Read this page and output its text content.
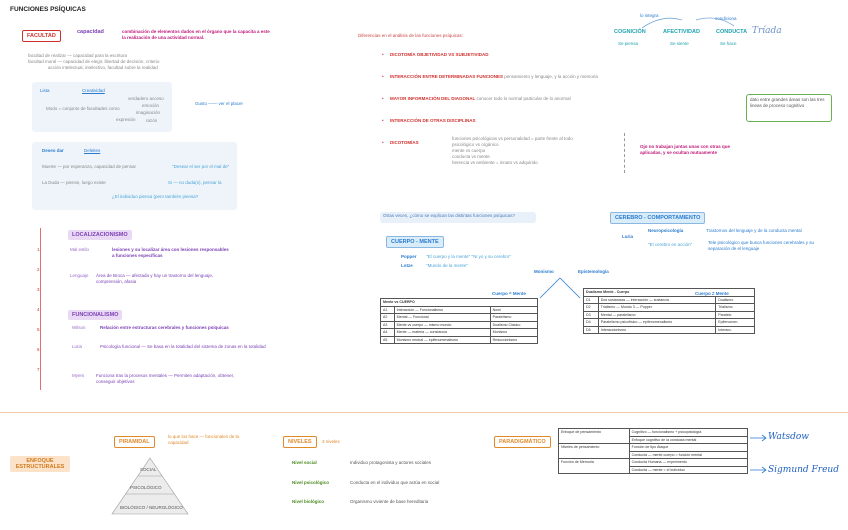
FUNCIONES PSÍQUICAS
FACULTAD
capacidad	combinación de elementos dados en el órgano que la capacita a este la realización de una actividad normal.
facultad de realizar — capacidad para la escritura
facultad moral — capacidad de elegir, libertad de decisión, criterio
acción intelectual, intelectivo, facultad sobre la realidad
Lista	Creatividad
Modo = conjunto de facultades como
verdadero acceso
emoción
imaginación
expresión razón
Gusto —— ver el placer
Deseo dar	Deleites
Muerte — por esperanza, capacidad de pensar	"Desear el ser por el mal de"
La Duda — piense, luego existe	Si — no duda(s), pensar la
¿El individuo piensa (pero también piensa?
Diferencias en el análisis de las funciones psíquicas:
DICOTOMÍA OBJETIVIDAD VS SUBJETIVIDAD
INTERACCIÓN ENTRE DETERMINADAS FUNCIONES pensamiento y lenguaje, y la acción y memoria
MAYOR INFORMACIÓN DEL DIAGONAL conocer todo lo normal particular de lo anormal
INTERACCIÓN DE OTRAS DISCIPLINAS
DICOTOMÍAS
funciones psicológicas vs personalidad = parte frente al todo
psicológico vs orgánico
mente vs cuerpo
conducta vs mente
herencia vs ambiente = innato vs adquirido
Ojo no trabajan juntas unas con otras que aplicadas, y se ocultan mutuamente
lo integra
condiciona
COGNICIÓN	AFECTIVIDAD	CONDUCTA
Se piensa	Se siente	Se hace
Tríada
dato entre grandes áreas son las tres lineas de proceso cognitivo
1
2
3
4
5
6
7
LOCALIZACIONISMO
Mal estilo	lesiones y su localizar área con lesiones responsables a funciones específicas
Lenguaje Área de Broca — afectada y hay un trastorno del lenguaje, comprensión, afasia
FUNCIONALISMO
Wilson	Relación entre estructuras cerebrales y funciones psíquicas
Luria	Psicología funcional — Se basa en la totalidad del sistema de zonas en la totalidad
Myers	Funciona tras la procesos mentales — Permiten adaptación, obtener, conseguir objetivos
Otras veces, ¿cómo se explican las distintas funciones psíquicas?
CUERPO - MENTE
Popper "El cuerpo y la mente" "Ni yo y su cerebro"
Lotze	"Mundo de la mente"
Monismo	Epistemología
Cuerpo = Mente
Mente vs CUERPO		
A1	Interacción — Funcionalismo	Nomi
A2	Mental — Funcional	Paralelismo
A3	Mente vs cuerpo — mismo mundo	Dualismo Clásico
A4	Mente — materia — constancia	Monismo
A5	Monismo neutral — epifenomenalismo	Reduccionismo
Cuerpo ≠ Mente
Dualismo Mente - Cuerpo		
D1	Dos sustancias — interacción — sustancia	Dualismo
D2	Trialismo — Mundo 3 — Popper	Trialismo
D3	Mental — paralelismo	Paralelo
D4	Paralelismo psicofísico — epifenomenalismo	Epifenomen.
D5	Interaccionismo	Interacc.
CEREBRO - COMPORTAMIENTO
Neuropsicología	Trastornos del lenguaje y de la conducta mental
Luria
"El cerebro en acción"	Tele psicológico que busca funciones cerebrales y su separación de el lenguaje
ENFOQUE ESTRUCTURALES
PIRAMIDAL
lo que los hace — funcionales de la capacidad
SOCIAL
PSICOLÓGICO
BIOLÓGICO / NEUROLÓGICO
NIVELES	3 niveles
Nivel social	Individuo protagonista y actores sociales
Nivel psicológico	Conducta en el individuo que actúa en social
Nivel biológico	Organismo viviente de base hereditaria
PARADIGMÁTICO
Enfoque de pensamiento	Cognitivo — funcionalismo + psicopatología
	Enfoque cognitivo de la conducta mental
Niveles de pensamiento	Función de tipo Ataque
	Conducta — mente cuerpo = función mental
Función de Memoria	Conducta Humana — experimento
	Conducta — mente = el individuo
Watsdow
Sigmund Freud
